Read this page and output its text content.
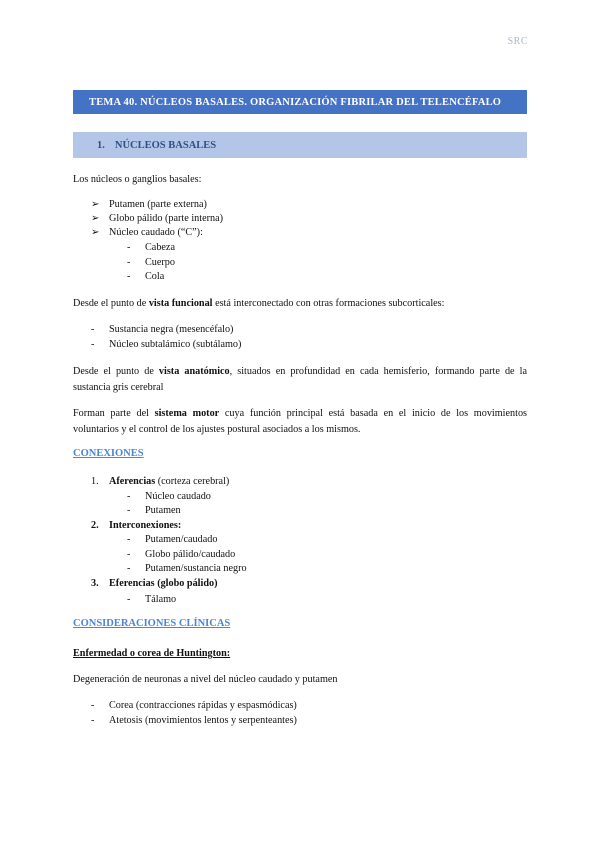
SRC
TEMA 40. NÚCLEOS BASALES. ORGANIZACIÓN FIBRILAR DEL TELENCÉFALO
1. NÚCLEOS BASALES
Los núcleos o ganglios basales:
➢ Putamen (parte externa)
➢ Globo pálido (parte interna)
➢ Núcleo caudado (“C”):
- Cabeza
- Cuerpo
- Cola
Desde el punto de vista funcional está interconectado con otras formaciones subcorticales:
- Sustancia negra (mesencéfalo)
- Núcleo subtalámico (subtálamo)
Desde el punto de vista anatómico, situados en profundidad en cada hemisferio, formando parte de la sustancia gris cerebral
Forman parte del sistema motor cuya función principal está basada en el inicio de los movimientos voluntarios y el control de los ajustes postural asociados a los mismos.
CONEXIONES
1. Aferencias (corteza cerebral)
- Núcleo caudado
- Putamen
2. Interconexiones:
- Putamen/caudado
- Globo pálido/caudado
- Putamen/sustancia negro
3. Eferencias (globo pálido)
- Tálamo
CONSIDERACIONES CLÍNICAS
Enfermedad o corea de Huntington:
Degeneración de neuronas a nivel del núcleo caudado y putamen
- Corea (contracciones rápidas y espasmódicas)
- Atetosis (movimientos lentos y serpenteantes)
